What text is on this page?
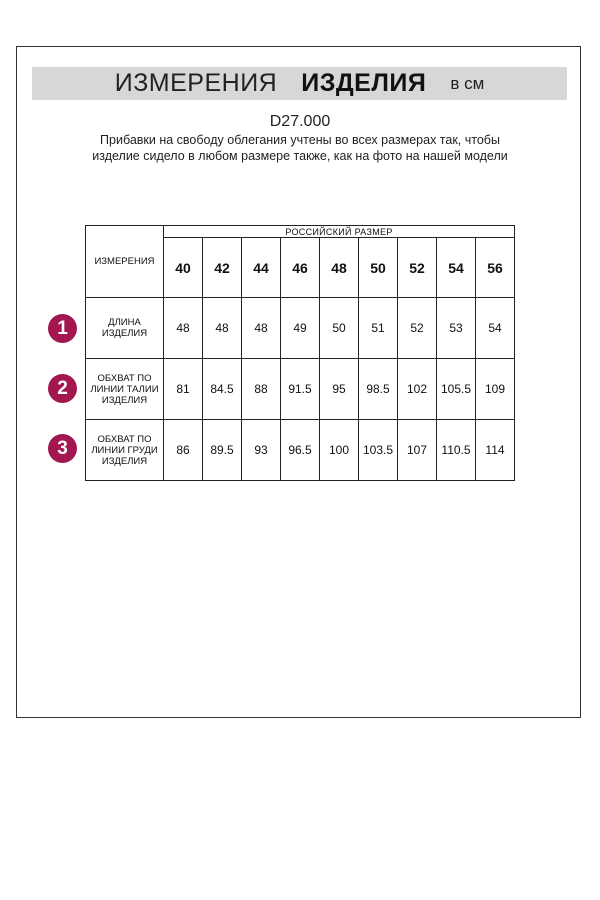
ИЗМЕРЕНИЯ ИЗДЕЛИЯ в см
D27.000
Прибавки на свободу облегания учтены во всех размерах так, чтобы изделие сидело в любом размере также, как на фото на нашей модели
1
2
3
ИЗМЕРЕНИЯ	РОССИЙСКИЙ РАЗМЕР								
	40	42	44	46	48	50	52	54	56
ДЛИНА ИЗДЕЛИЯ	48	48	48	49	50	51	52	53	54
ОБХВАТ ПО ЛИНИИ ТАЛИИ ИЗДЕЛИЯ	81	84.5	88	91.5	95	98.5	102	105.5	109
ОБХВАТ ПО ЛИНИИ ГРУДИ ИЗДЕЛИЯ	86	89.5	93	96.5	100	103.5	107	110.5	114
